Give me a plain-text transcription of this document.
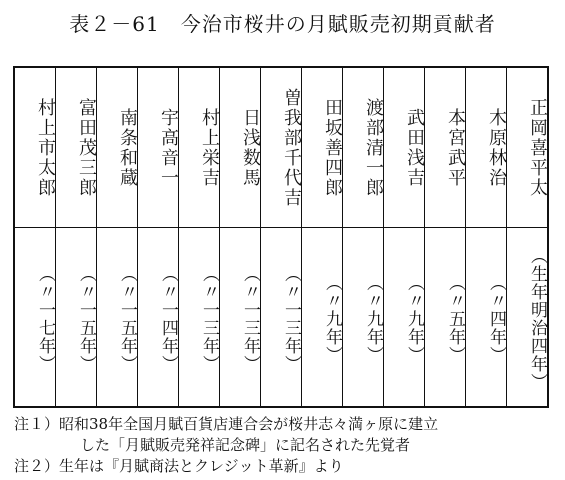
表２－61　今治市桜井の月賦販売初期貢献者
村上市太郎
（〃一七年）
富田茂三郎
（〃一五年）
南条和蔵
（〃一五年）
宇高音一
（〃一四年）
村上栄吉
（〃一三年）
日浅数馬
（〃一三年）
曽我部千代吉
（〃一三年）
田坂善四郎
（〃九年）
渡部清一郎
（〃九年）
武田浅吉
（〃九年）
本宮武平
（〃五年）
木原林治
（〃四年）
正岡喜平太
（生年明治四年）
注１）昭和38年全国月賦百貨店連合会が桜井志々満ヶ原に建立
した「月賦販売発祥記念碑」に記名された先覚者
注２）生年は『月賦商法とクレジット革新』より
